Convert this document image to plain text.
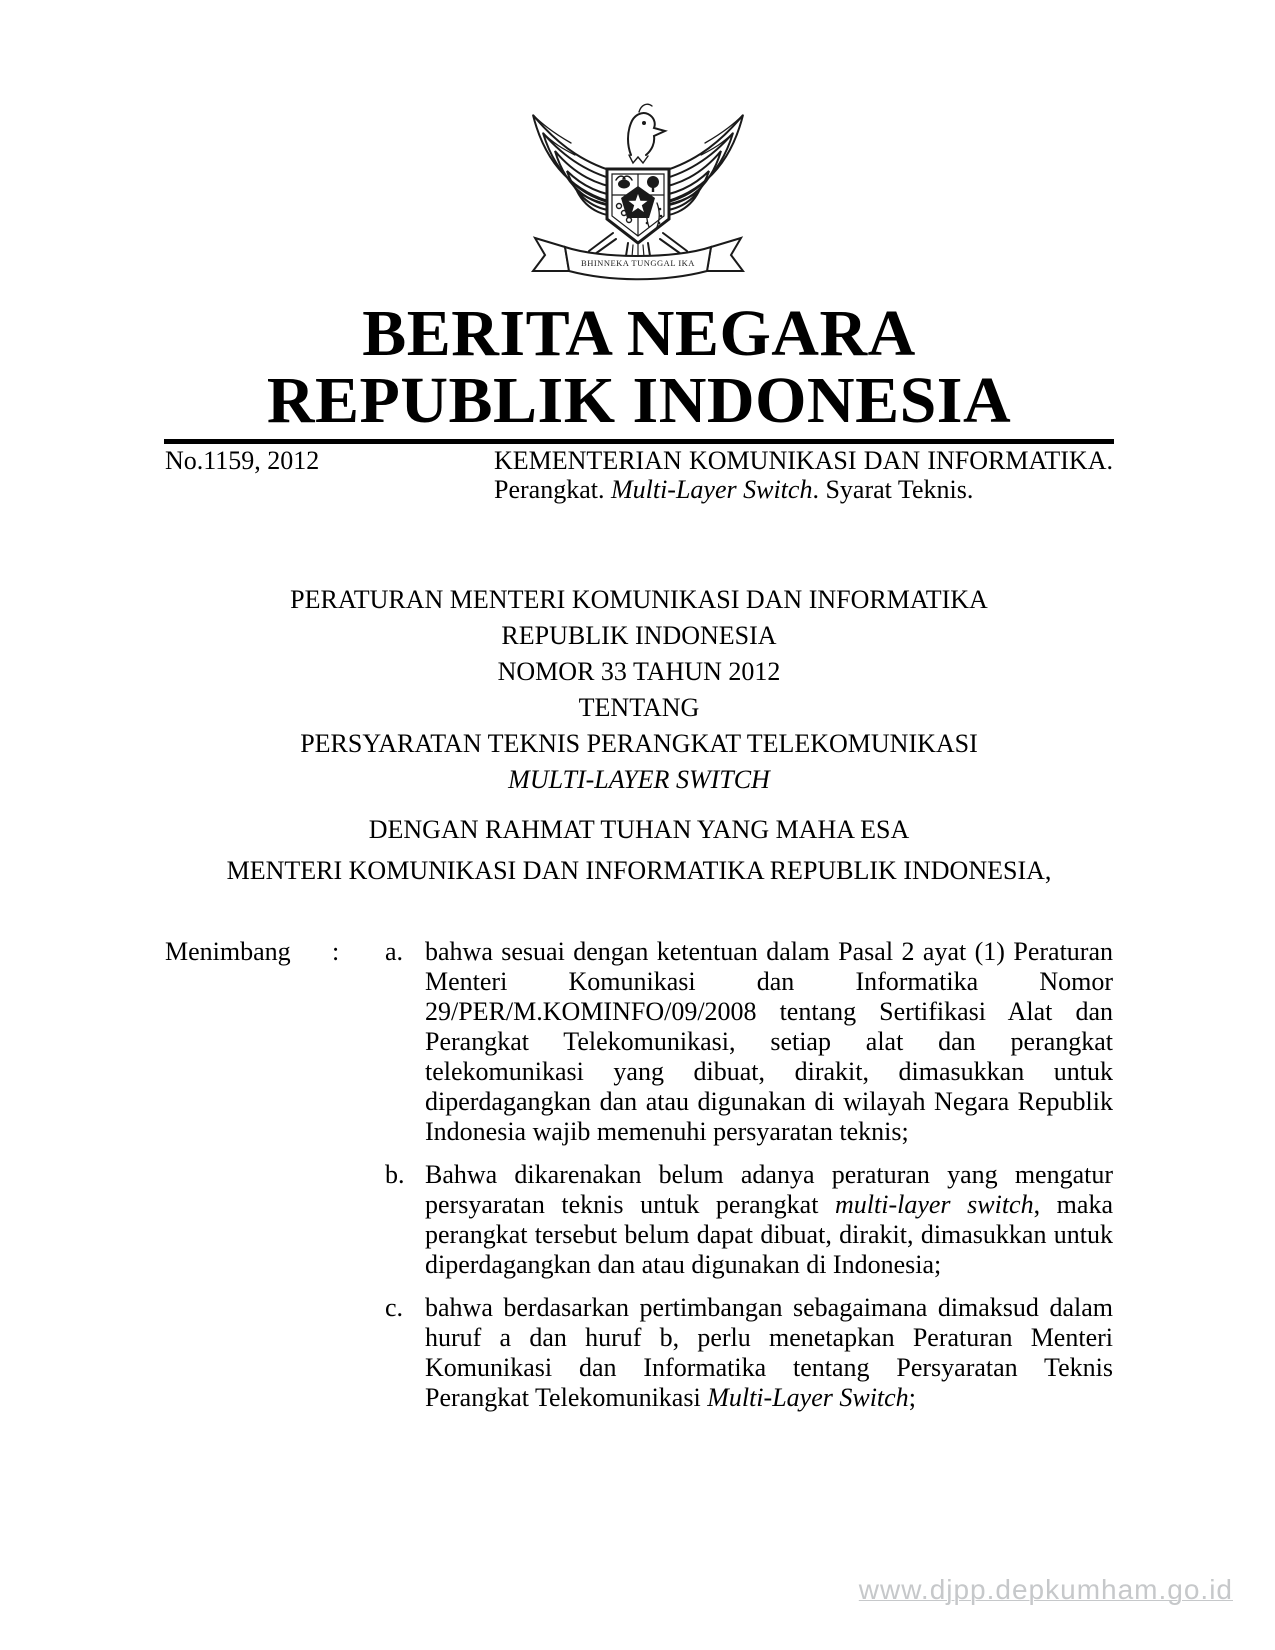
BHINNEKA TUNGGAL IKA
BERITA NEGARA
REPUBLIK INDONESIA
No.1159, 2012	KEMENTERIAN KOMUNIKASI DAN INFORMATIKA. Perangkat. Multi-Layer Switch. Syarat Teknis.
PERATURAN MENTERI KOMUNIKASI DAN INFORMATIKA
REPUBLIK INDONESIA
NOMOR 33 TAHUN 2012
TENTANG
PERSYARATAN TEKNIS PERANGKAT TELEKOMUNIKASI
MULTI-LAYER SWITCH
DENGAN RAHMAT TUHAN YANG MAHA ESA
MENTERI KOMUNIKASI DAN INFORMATIKA REPUBLIK INDONESIA,
Menimbang	:	a. bahwa sesuai dengan ketentuan dalam Pasal 2 ayat (1) Peraturan Menteri Komunikasi dan Informatika Nomor 29/PER/M.KOMINFO/09/2008 tentang Sertifikasi Alat dan Perangkat Telekomunikasi, setiap alat dan perangkat telekomunikasi yang dibuat, dirakit, dimasukkan untuk diperdagangkan dan atau digunakan di wilayah Negara Republik Indonesia wajib memenuhi persyaratan teknis;
b. Bahwa dikarenakan belum adanya peraturan yang mengatur persyaratan teknis untuk perangkat multi-layer switch, maka perangkat tersebut belum dapat dibuat, dirakit, dimasukkan untuk diperdagangkan dan atau digunakan di Indonesia;
c. bahwa berdasarkan pertimbangan sebagaimana dimaksud dalam huruf a dan huruf b, perlu menetapkan Peraturan Menteri Komunikasi dan Informatika tentang Persyaratan Teknis Perangkat Telekomunikasi Multi-Layer Switch;
www.djpp.depkumham.go.id
